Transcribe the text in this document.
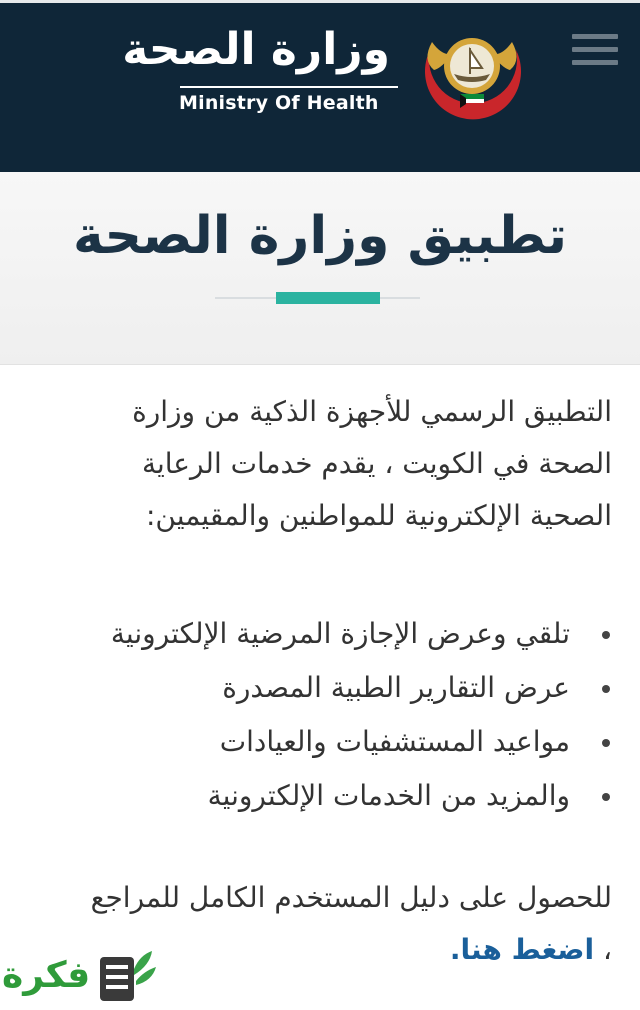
وزارة الصحة
Ministry Of Health
تطبيق وزارة الصحة
التطبيق الرسمي للأجهزة الذكية من وزارة
الصحة في الكويت ، يقدم خدمات الرعاية
الصحية الإلكترونية للمواطنين والمقيمين:
تلقي وعرض الإجازة المرضية الإلكترونية
عرض التقارير الطبية المصدرة
مواعيد المستشفيات والعيادات
والمزيد من الخدمات الإلكترونية
للحصول على دليل المستخدم الكامل للمراجع
، اضغط هنا.
فكرة
